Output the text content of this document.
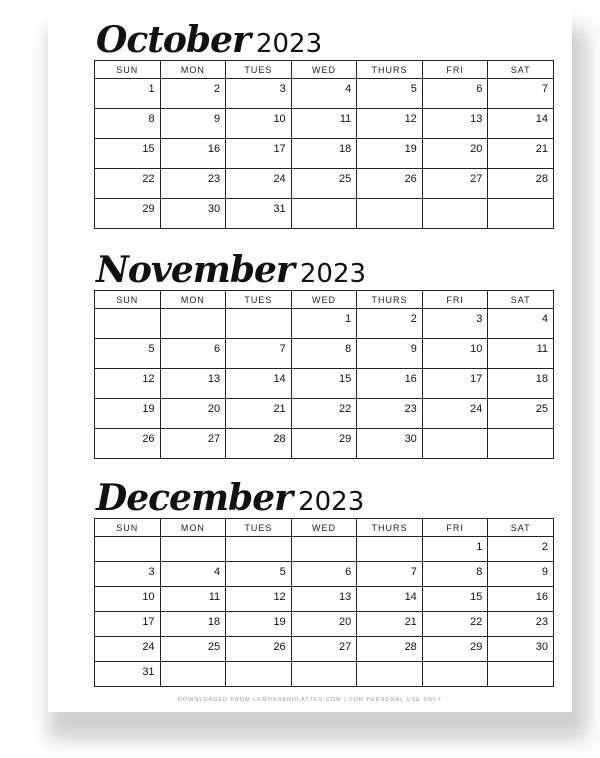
October 2023
SUN	MON	TUES	WED	THURS	FRI	SAT
1	2	3	4	5	6	7
8	9	10	11	12	13	14
15	16	17	18	19	20	21
22	23	24	25	26	27	28
29	30	31				
November 2023
SUN	MON	TUES	WED	THURS	FRI	SAT
			1	2	3	4
5	6	7	8	9	10	11
12	13	14	15	16	17	18
19	20	21	22	23	24	25
26	27	28	29	30		
December 2023
SUN	MON	TUES	WED	THURS	FRI	SAT
					1	2
3	4	5	6	7	8	9
10	11	12	13	14	15	16
17	18	19	20	21	22	23
24	25	26	27	28	29	30
31						
DOWNLOADED FROM LEMONSANDLATTES.COM | FOR PERSONAL USE ONLY
